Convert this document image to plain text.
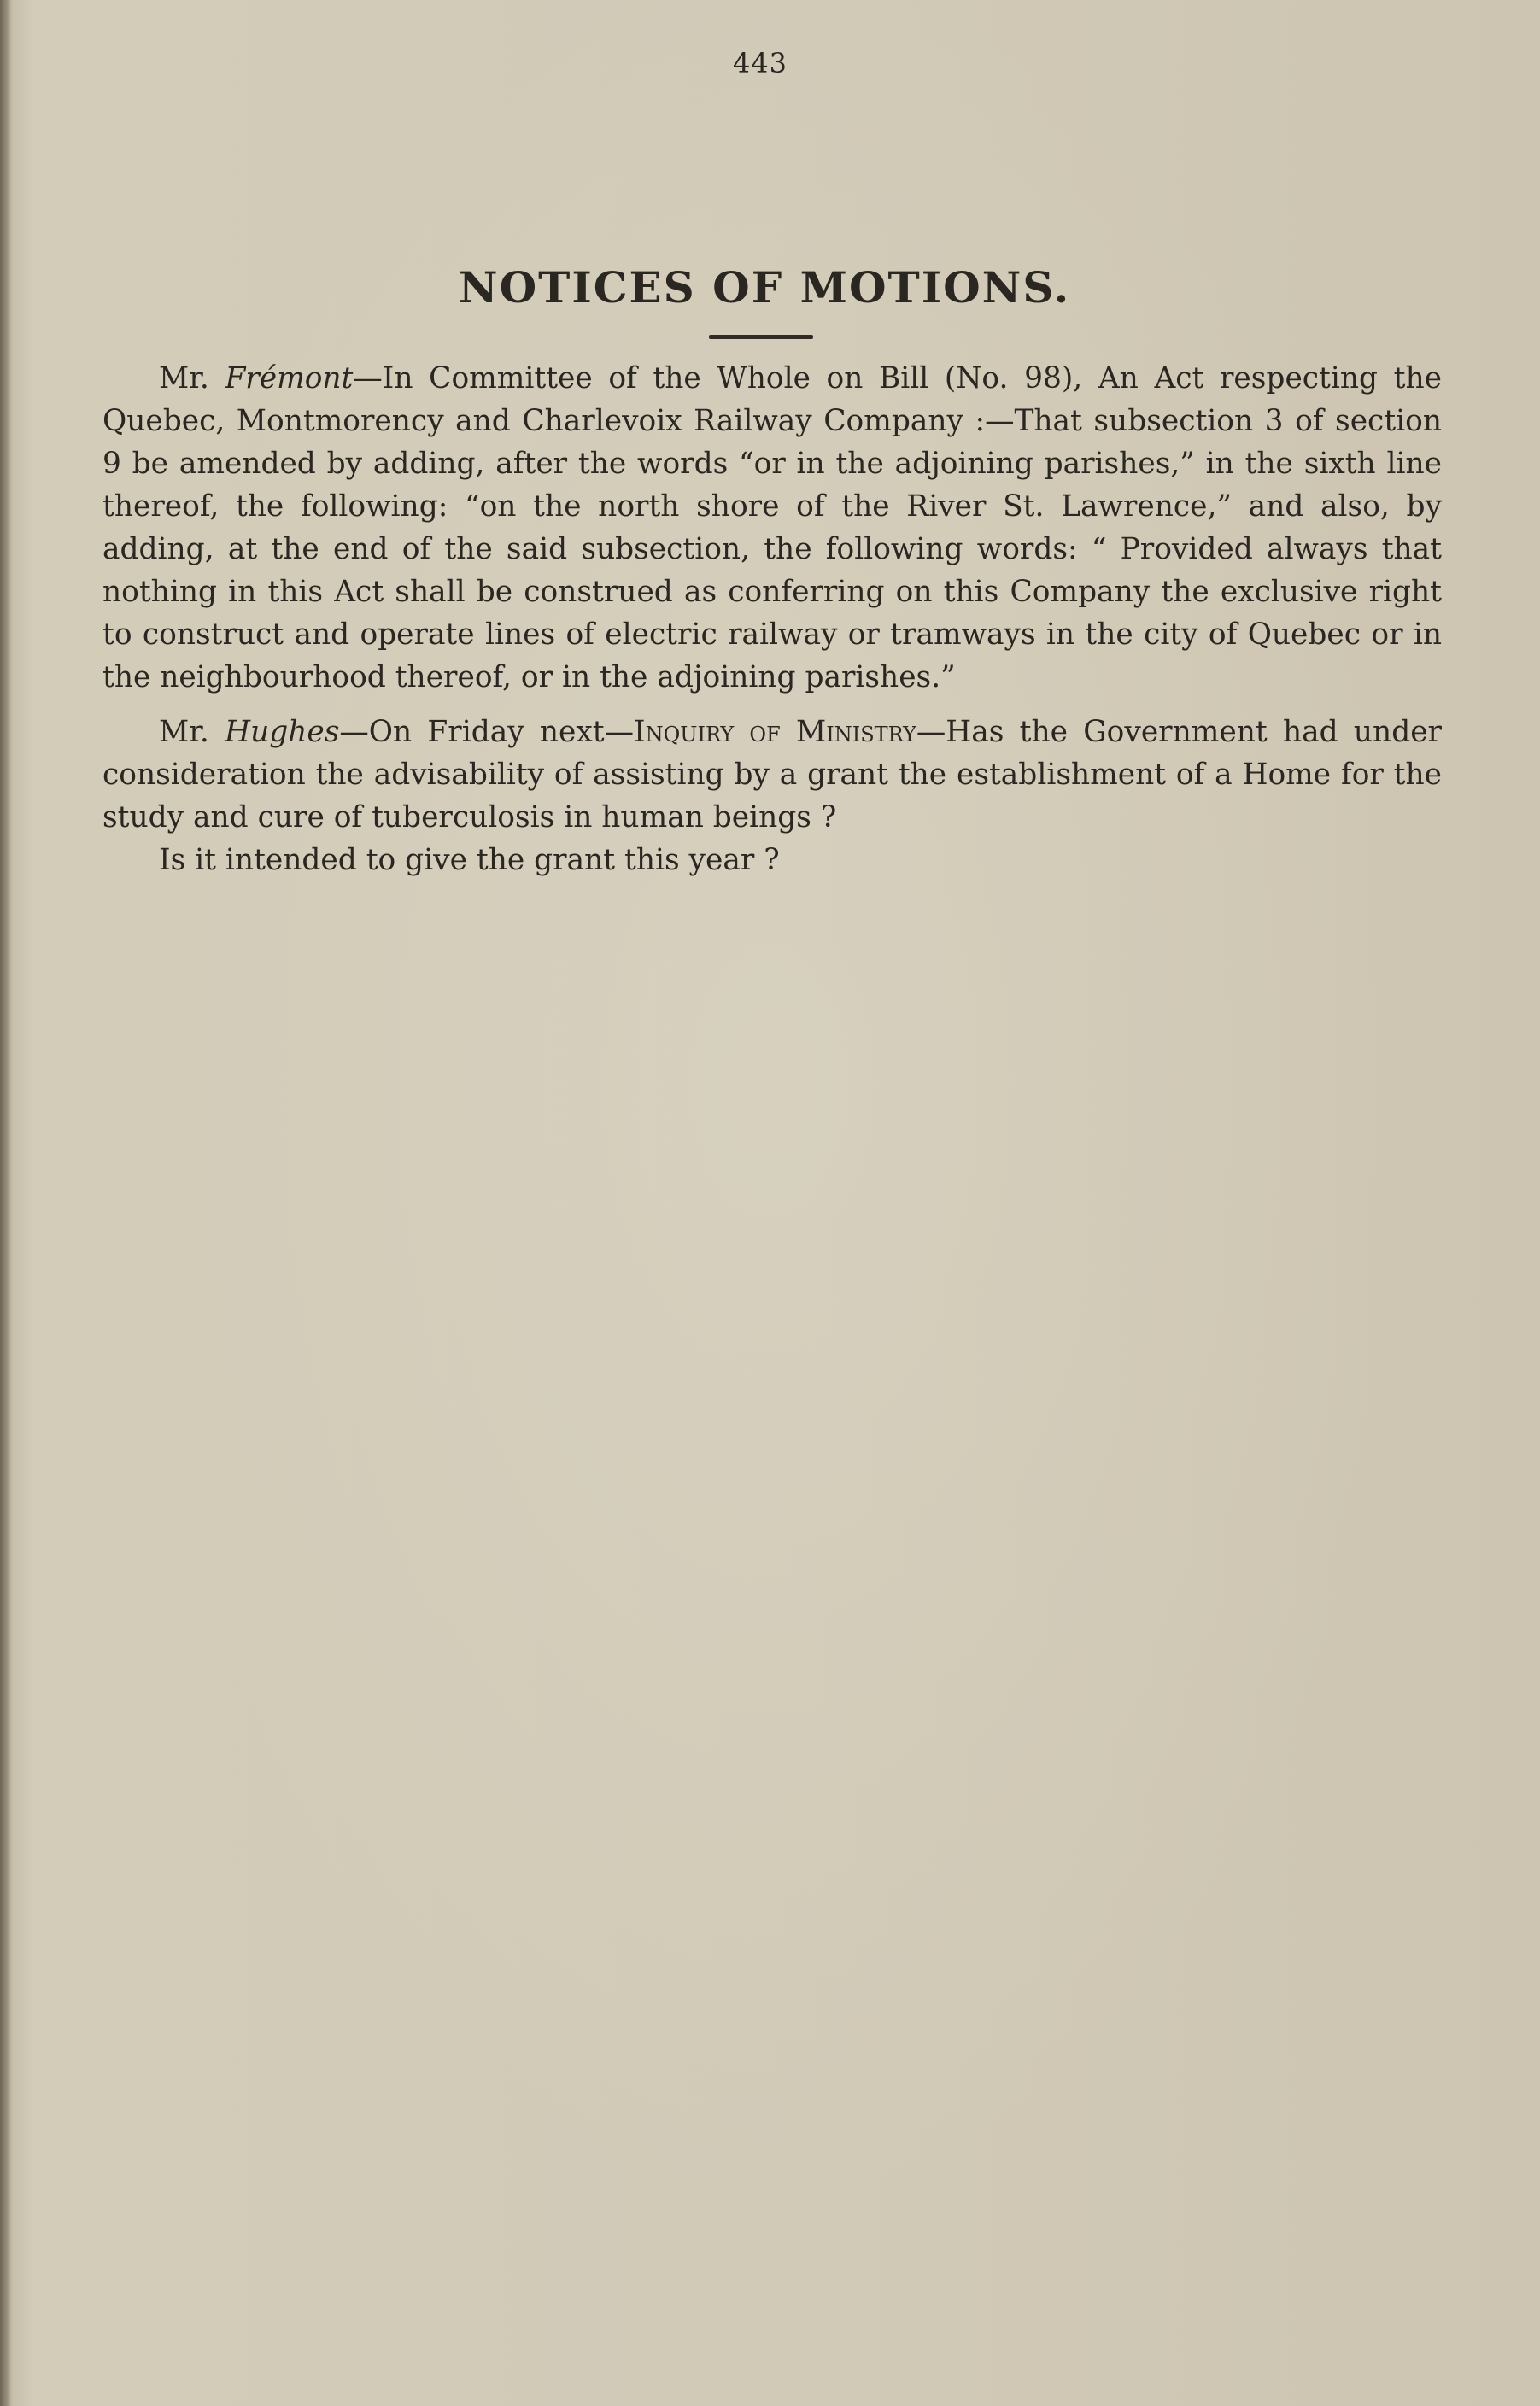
443
NOTICES OF MOTIONS.

Mr. Frémont—In Committee of the Whole on Bill (No. 98), An Act respecting the Quebec, Montmorency and Charlevoix Railway Company :—That subsection 3 of section 9 be amended by adding, after the words “or in the adjoining parishes,” in the sixth line thereof, the following: “on the north shore of the River St. Lawrence,” and also, by adding, at the end of the said subsection, the following words: “ Provided always that nothing in this Act shall be construed as conferring on this Company the exclusive right to construct and operate lines of electric railway or tramways in the city of Quebec or in the neighbourhood thereof, or in the adjoining parishes.”

Mr. Hughes—On Friday next—Inquiry of Ministry—Has the Government had under consideration the advisability of assisting by a grant the establishment of a Home for the study and cure of tuberculosis in human beings ?

Is it intended to give the grant this year ?
